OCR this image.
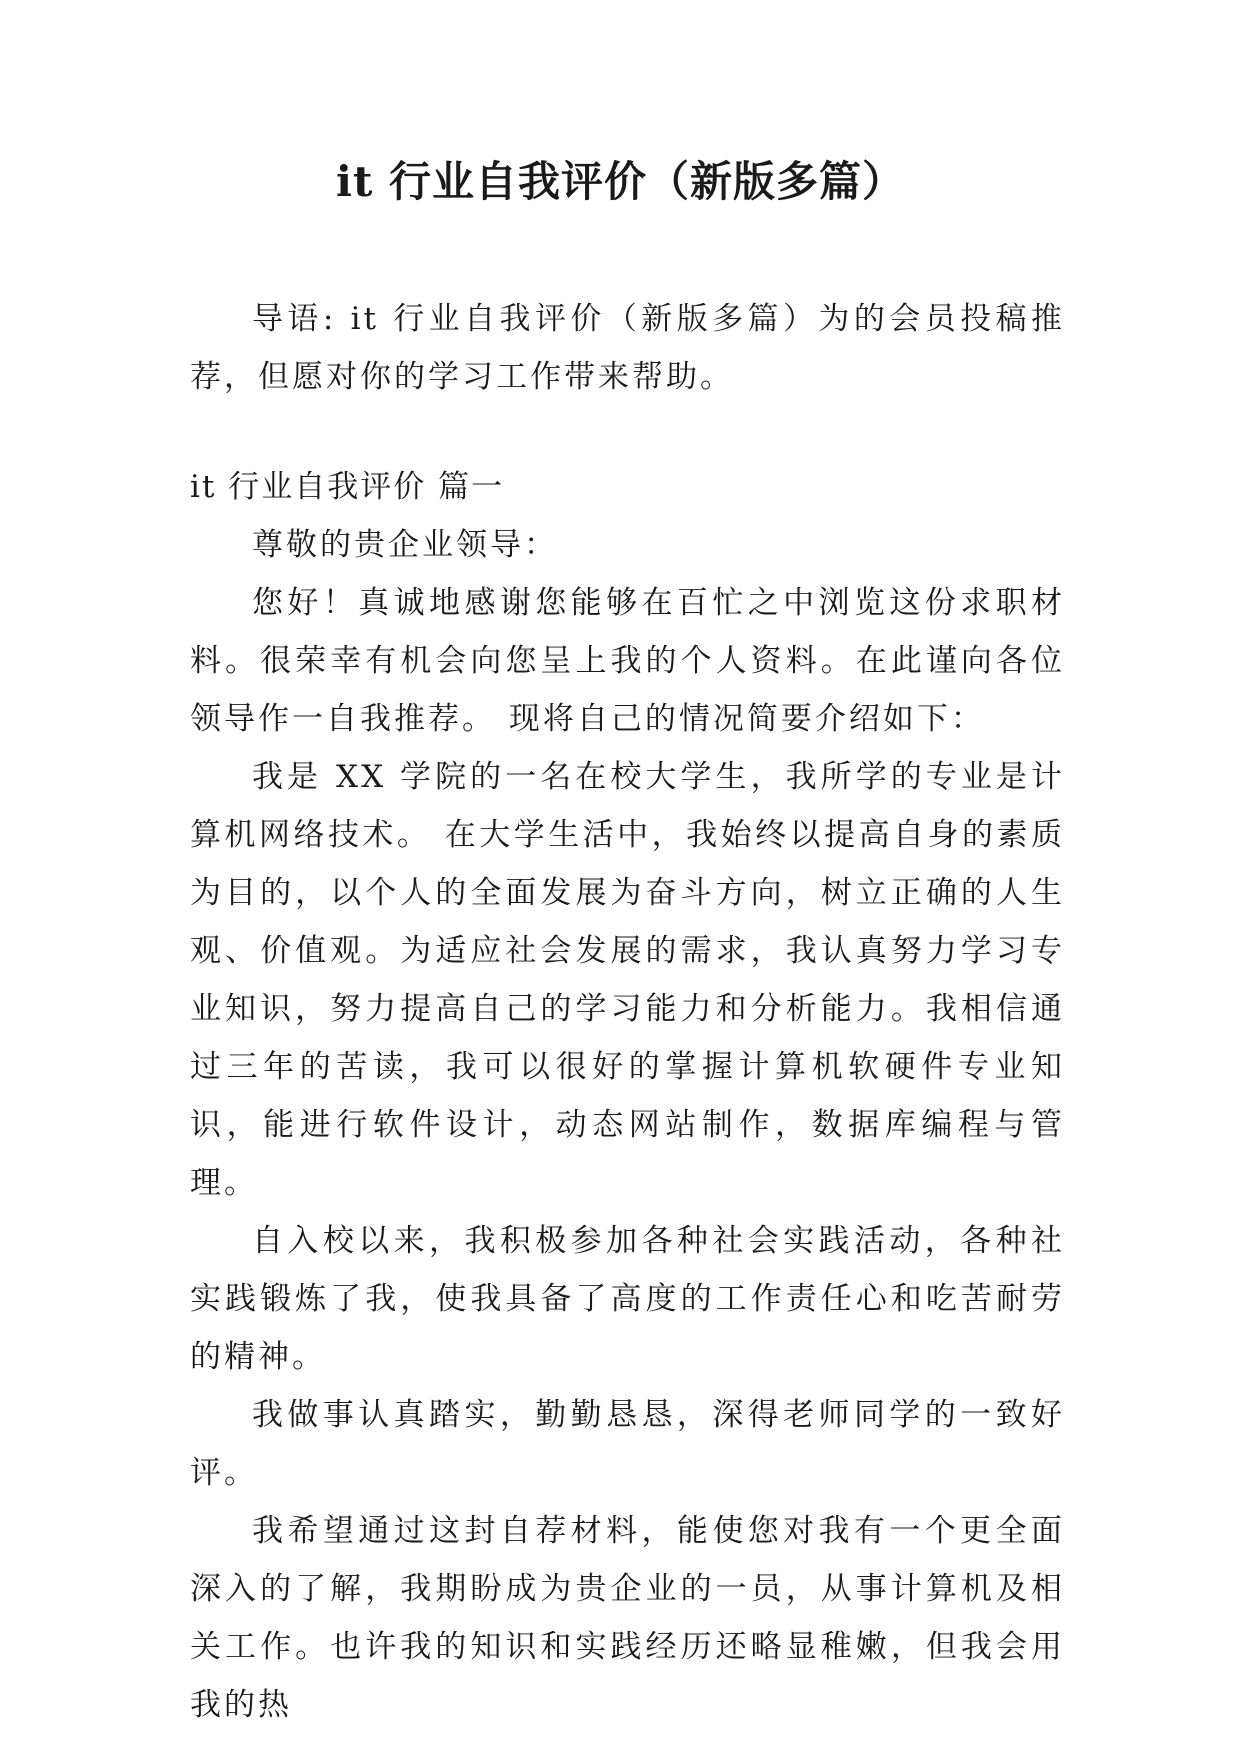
it 行业自我评价（新版多篇）

导语: it 行业自我评价（新版多篇）为的会员投稿推荐，但愿对你的学习工作带来帮助。

it 行业自我评价 篇一

尊敬的贵企业领导：

您好！真诚地感谢您能够在百忙之中浏览这份求职材料。很荣幸有机会向您呈上我的个人资料。在此谨向各位领导作一自我推荐。 现将自己的情况简要介绍如下：

我是 XX 学院的一名在校大学生，我所学的专业是计算机网络技术。 在大学生活中，我始终以提高自身的素质为目的，以个人的全面发展为奋斗方向，树立正确的人生观、价值观。为适应社会发展的需求，我认真努力学习专业知识，努力提高自己的学习能力和分析能力。我相信通过三年的苦读，我可以很好的掌握计算机软硬件专业知识，能进行软件设计，动态网站制作，数据库编程与管理。

自入校以来，我积极参加各种社会实践活动，各种社实践锻炼了我，使我具备了高度的工作责任心和吃苦耐劳的精神。

我做事认真踏实，勤勤恳恳，深得老师同学的一致好评。

我希望通过这封自荐材料，能使您对我有一个更全面深入的了解，我期盼成为贵企业的一员，从事计算机及相关工作。也许我的知识和实践经历还略显稚嫩，但我会用我的热
